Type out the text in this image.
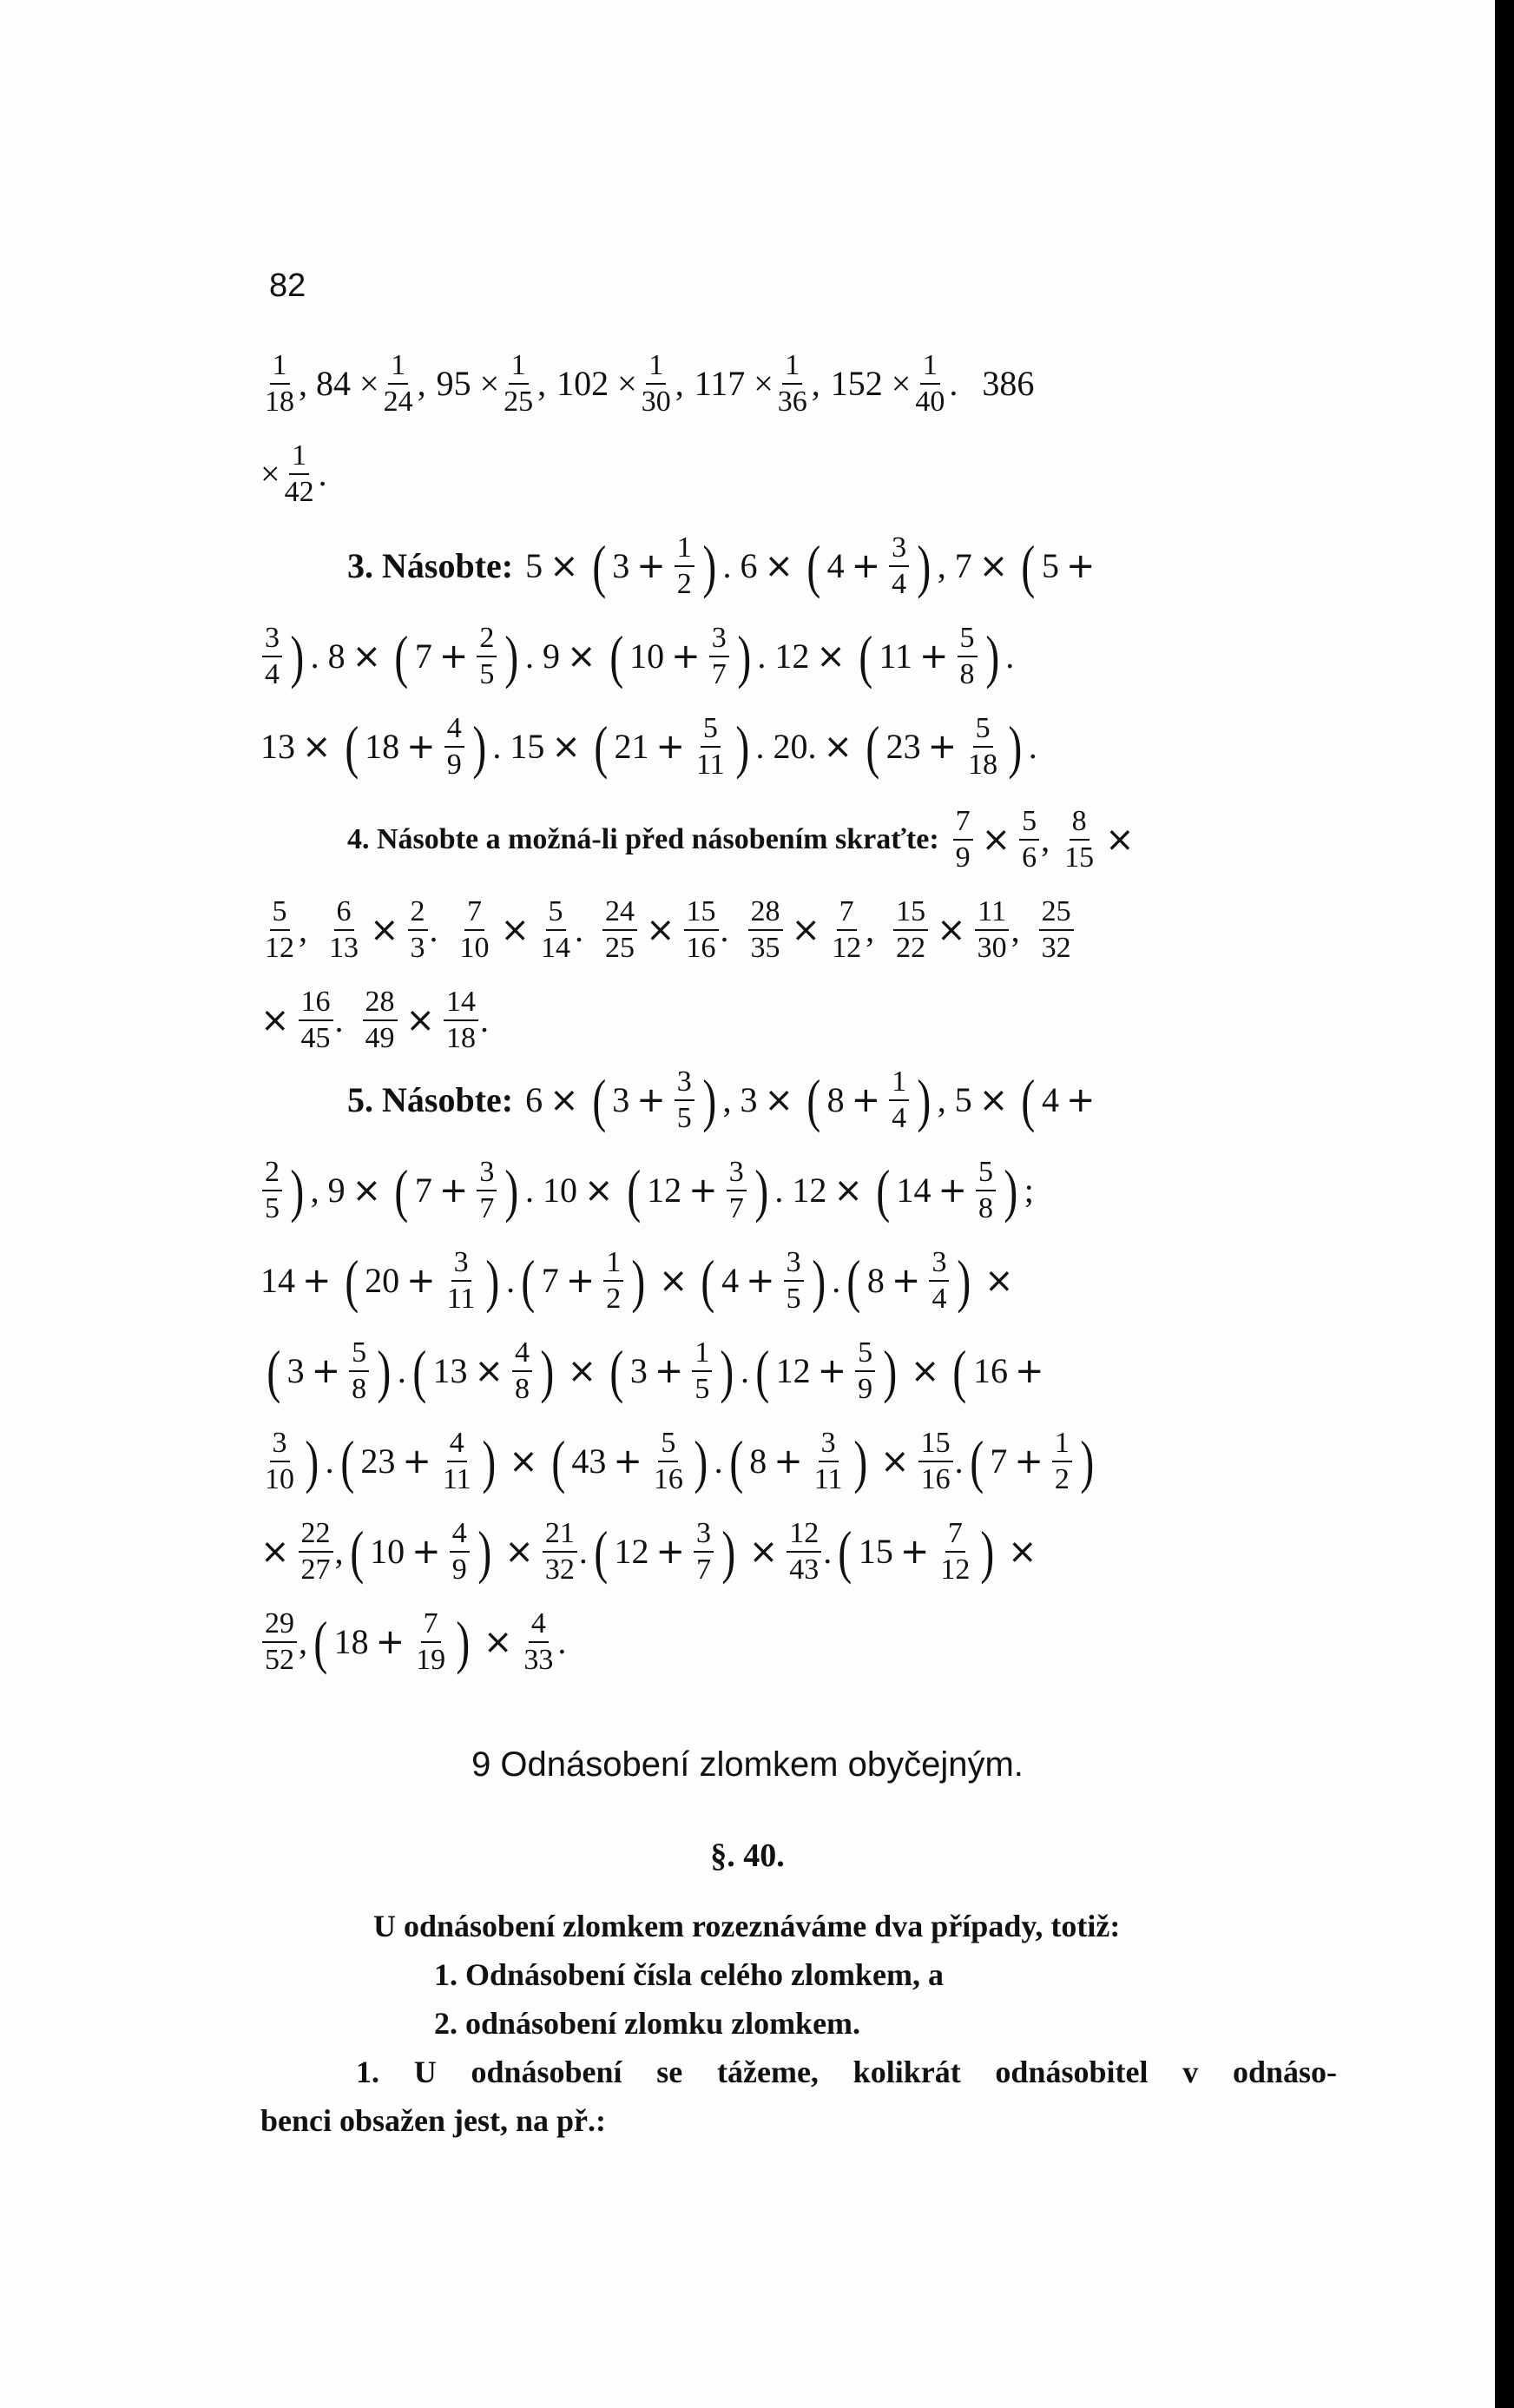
82
$\frac{1}{18}$ , $84 \times \frac{1}{24}$ , $95 \times \frac{1}{25}$ , $102 \times \frac{1}{30}$ , $117 \times \frac{1}{36}$ , $152 \times \frac{1}{40}$ . 386
× $\frac{1}{42}$ .
3. Násobte: 5 × ( $3 + \frac{1}{2}$ ) . 6 × ( $4 + \frac{3}{4}$ ) , 7 × ( 5 +
$\frac{3}{4}$ ) . 8 × ( $7 + \frac{2}{5}$ ) . 9 × ( $10 + \frac{3}{7}$ ) . 12 × ( $11 + \frac{5}{8}$ ) .
13 × ( $18 + \frac{4}{9}$ ) . 15 × ( $21 + \frac{5}{11}$ ) . 20. × ( $23 + \frac{5}{18}$ ) .
4. Násobte a možná-li před násobením skraťte: $\frac{7}{9} \times \frac{5}{6}$ , $\frac{8}{15}$ ×
$\frac{5}{12}$ , $\frac{6}{13} \times \frac{2}{3}$ . $\frac{7}{10} \times \frac{5}{14}$ . $\frac{24}{25} \times \frac{15}{16}$ . $\frac{28}{35} \times \frac{7}{12}$ , $\frac{15}{22} \times \frac{11}{30}$ , $\frac{25}{32}$
× $\frac{16}{45}$ . $\frac{28}{49} \times \frac{14}{18}$ .
5. Násobte: 6 × ( $3 + \frac{3}{5}$ ) , 3 × ( $8 + \frac{1}{4}$ ) , 5 × ( 4 +
$\frac{2}{5}$ ) , 9 × ( $7 + \frac{3}{7}$ ) . 10 × ( $12 + \frac{3}{7}$ ) . 12 × ( $14 + \frac{5}{8}$ ) ;
14 + ( $20 + \frac{3}{11}$ ) . ( $7 + \frac{1}{2}$ ) × ( $4 + \frac{3}{5}$ ) . ( $8 + \frac{3}{4}$ ) ×
( $3 + \frac{5}{8}$ ) . ( $13 \times \frac{4}{8}$ ) × ( $3 + \frac{1}{5}$ ) . ( $12 + \frac{5}{9}$ ) × ( 16 +
$\frac{3}{10}$ ) . ( $23 + \frac{4}{11}$ ) × ( $43 + \frac{5}{16}$ ) . ( $8 + \frac{3}{11}$ ) × $\frac{15}{16}$ . ( $7 + \frac{1}{2}$ )
× $\frac{22}{27}$ , ( $10 + \frac{4}{9}$ ) × $\frac{21}{32}$ . ( $12 + \frac{3}{7}$ ) × $\frac{12}{43}$ . ( $15 + \frac{7}{12}$ ) ×
$\frac{29}{52}$ , ( $18 + \frac{7}{19}$ ) × $\frac{4}{33}$ .
9 Odnásobení zlomkem obyčejným.
§. 40.
U odnásobení zlomkem rozeznáváme dva případy, totiž:
1. Odnásobení čísla celého zlomkem, a
2. odnásobení zlomku zlomkem.
1. U odnásobení se tážeme, kolikrát odnásobitel v odnáso-
benci obsažen jest, na př.:
